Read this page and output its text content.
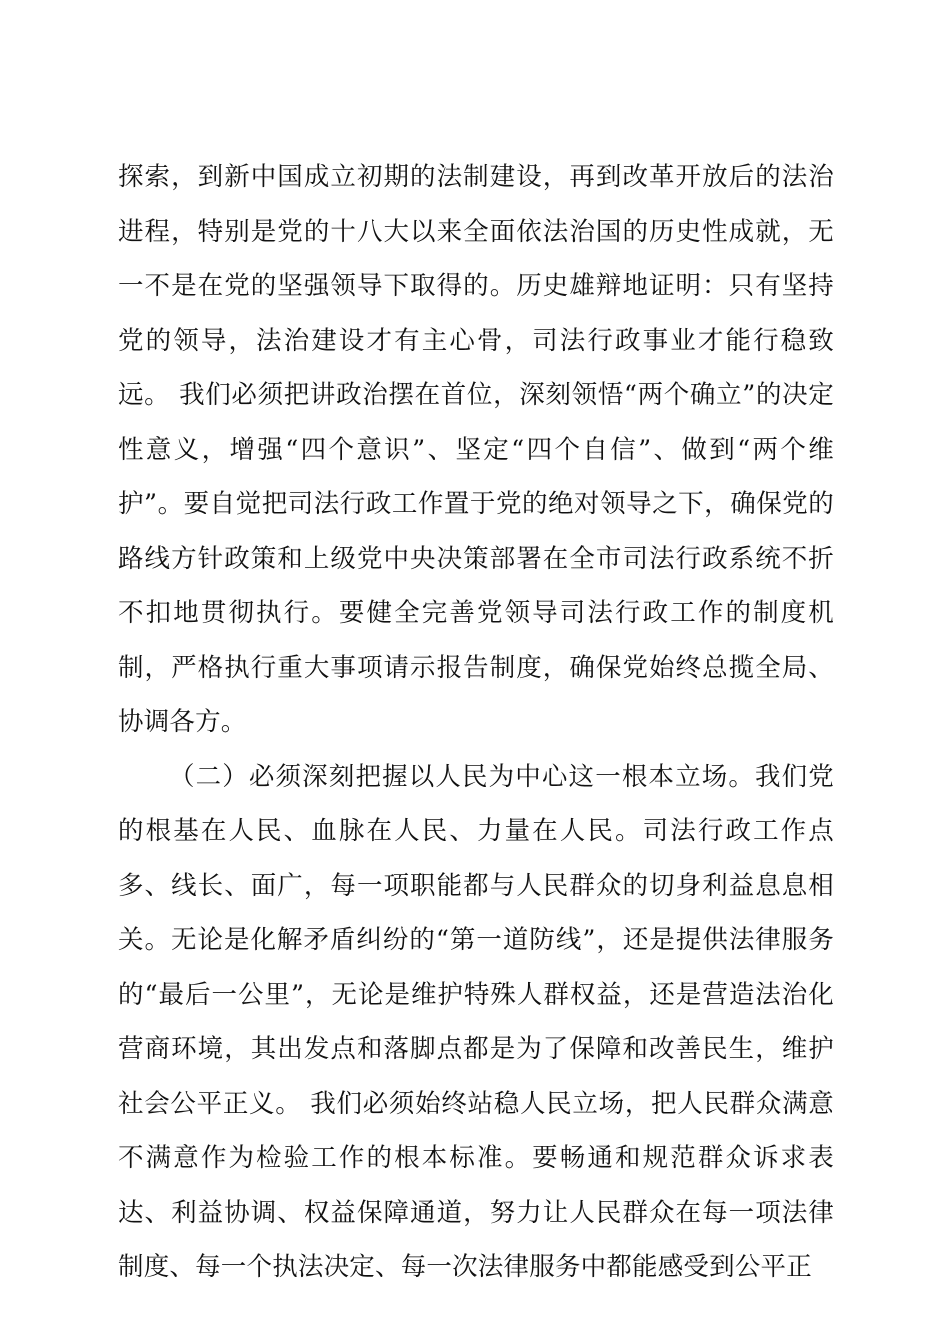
探索，到新中国成立初期的法制建设，再到改革开放后的法治进程，特别是党的十八大以来全面依法治国的历史性成就，无一不是在党的坚强领导下取得的。历史雄辩地证明：只有坚持党的领导，法治建设才有主心骨，司法行政事业才能行稳致远。 我们必须把讲政治摆在首位，深刻领悟“两个确立”的决定性意义，增强“四个意识”、坚定“四个自信”、做到“两个维护”。要自觉把司法行政工作置于党的绝对领导之下，确保党的路线方针政策和上级党中央决策部署在全市司法行政系统不折不扣地贯彻执行。要健全完善党领导司法行政工作的制度机制，严格执行重大事项请示报告制度，确保党始终总揽全局、协调各方。

（二）必须深刻把握以人民为中心这一根本立场。我们党的根基在人民、血脉在人民、力量在人民。司法行政工作点多、线长、面广，每一项职能都与人民群众的切身利益息息相关。无论是化解矛盾纠纷的“第一道防线”，还是提供法律服务的“最后一公里”，无论是维护特殊人群权益，还是营造法治化营商环境，其出发点和落脚点都是为了保障和改善民生，维护社会公平正义。 我们必须始终站稳人民立场，把人民群众满意不满意作为检验工作的根本标准。要畅通和规范群众诉求表达、利益协调、权益保障通道，努力让人民群众在每一项法律制度、每一个执法决定、每一次法律服务中都能感受到公平正
